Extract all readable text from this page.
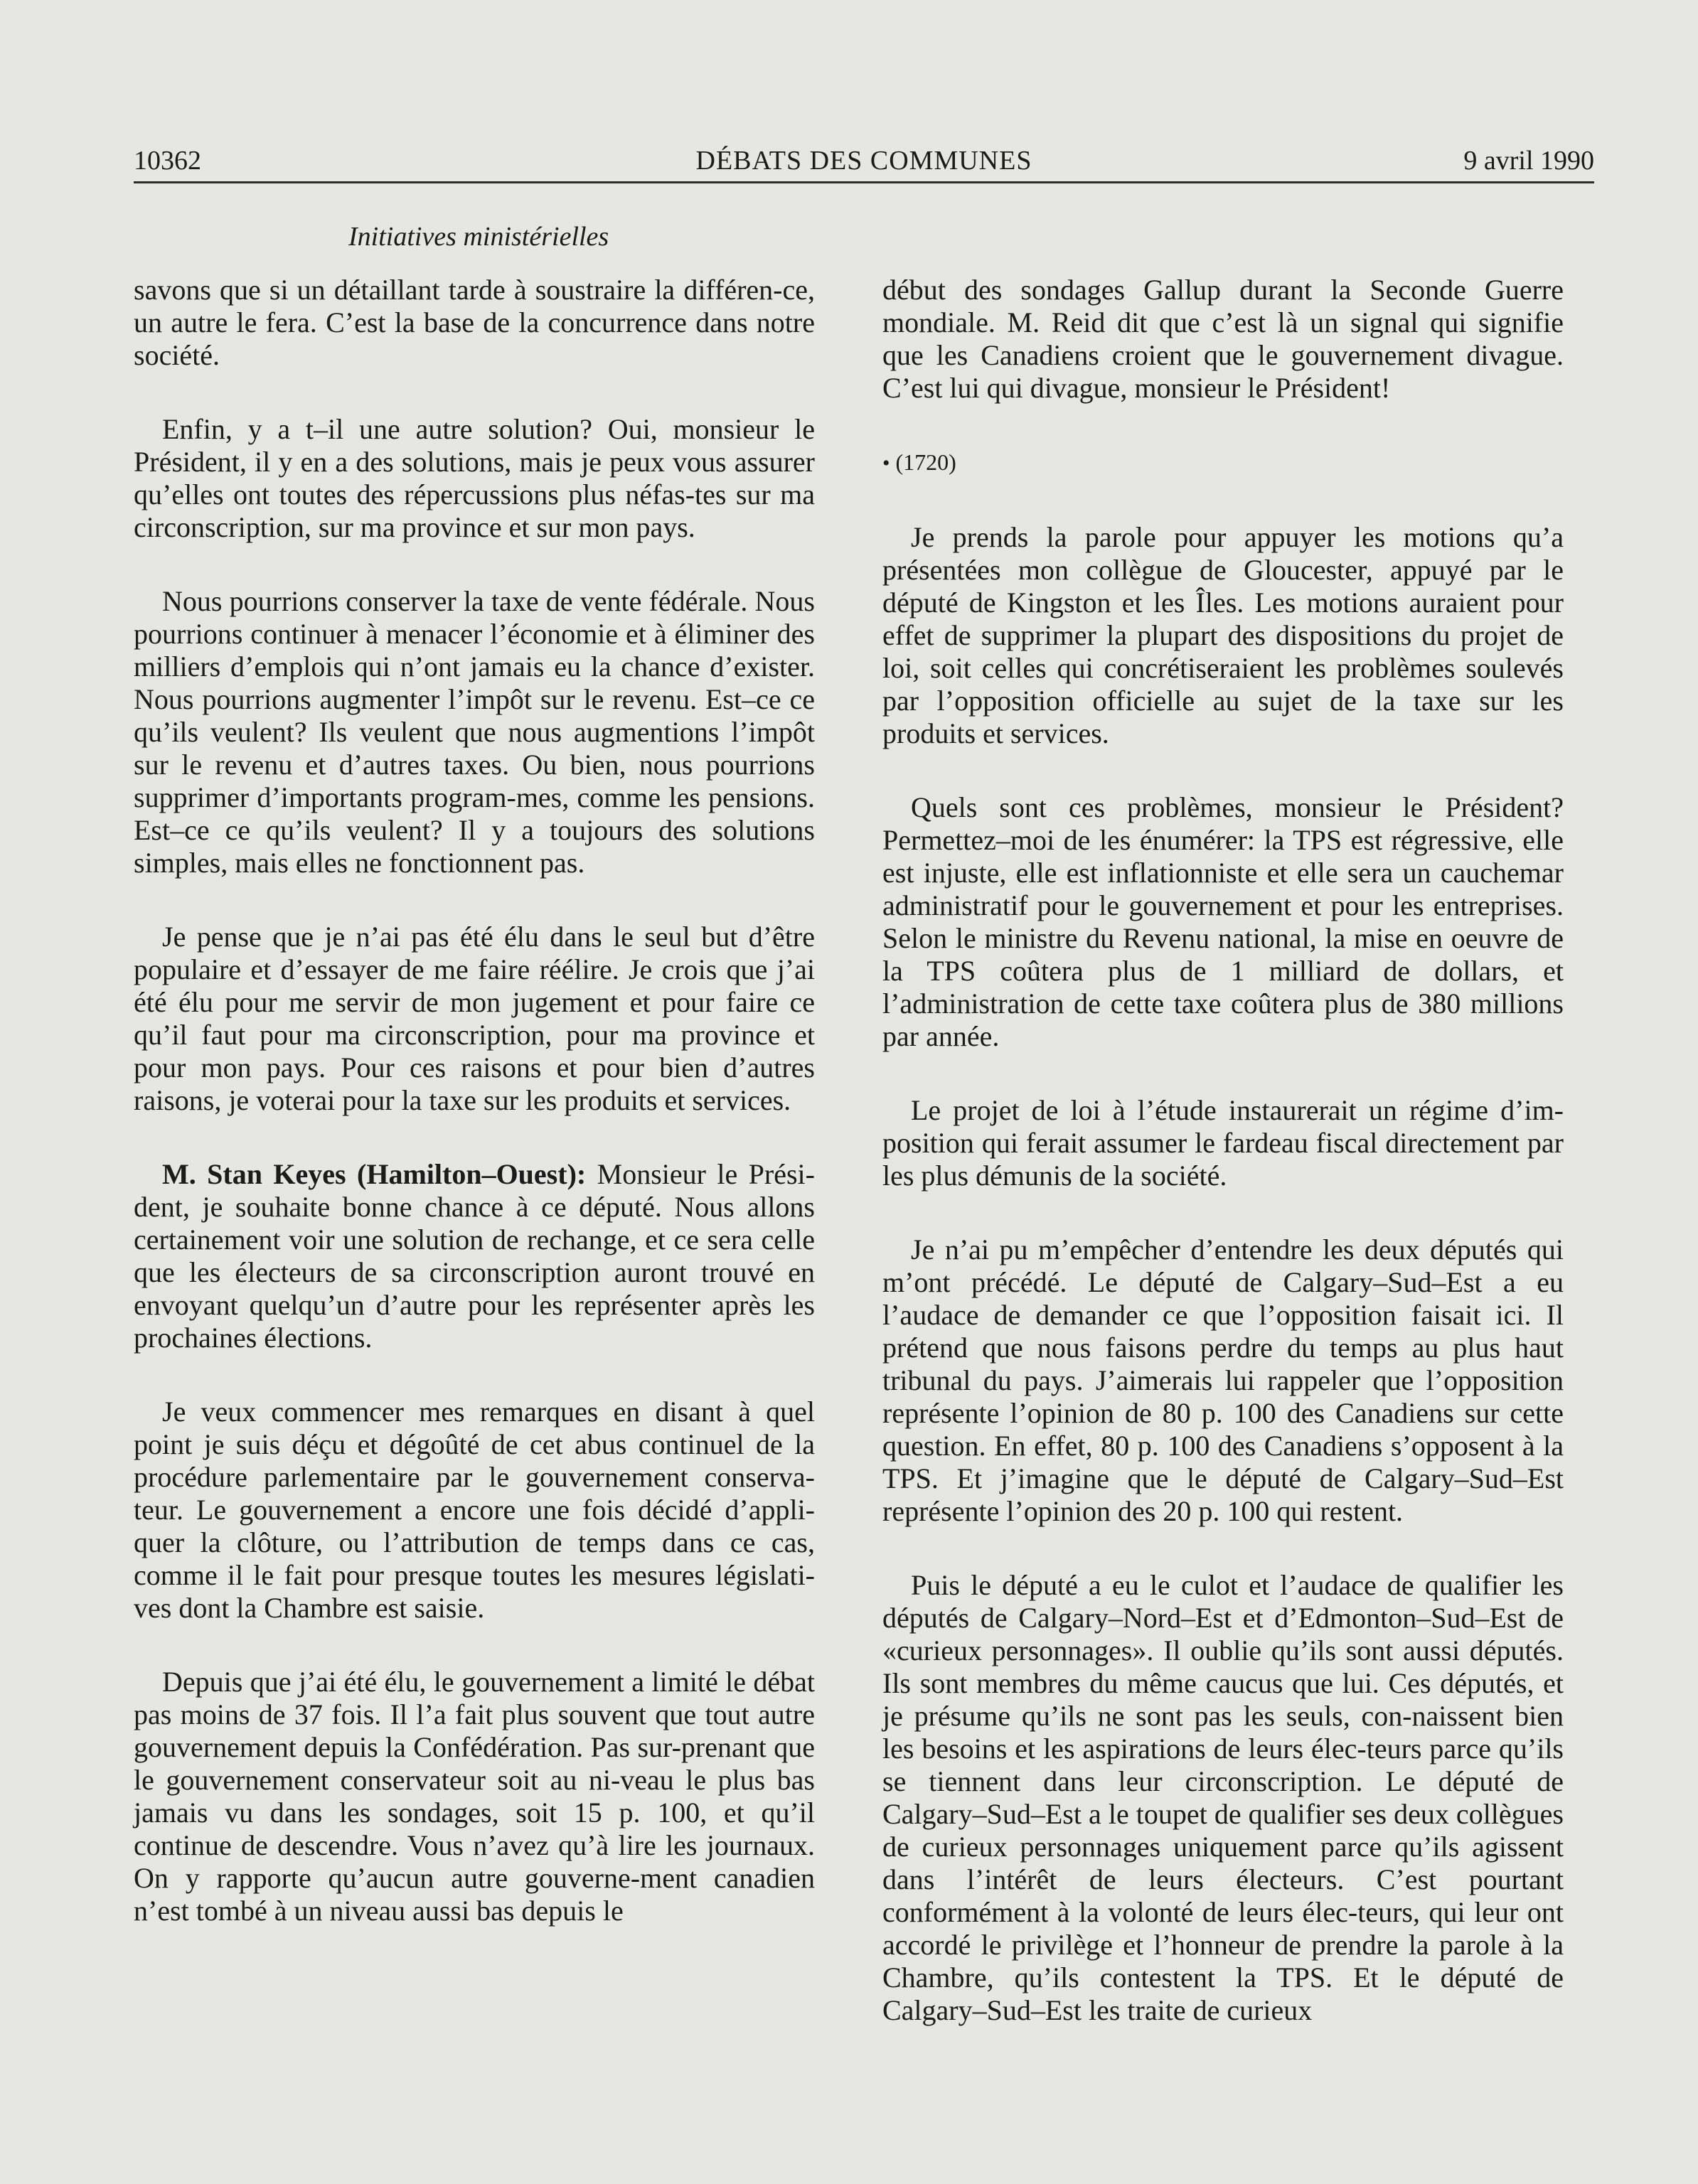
10362	DÉBATS DES COMMUNES	9 avril 1990
Initiatives ministérielles

savons que si un détaillant tarde à soustraire la différen-ce, un autre le fera. C’est la base de la concurrence dans notre société.

Enfin, y a t–il une autre solution? Oui, monsieur le Président, il y en a des solutions, mais je peux vous assurer qu’elles ont toutes des répercussions plus néfas-tes sur ma circonscription, sur ma province et sur mon pays.

Nous pourrions conserver la taxe de vente fédérale. Nous pourrions continuer à menacer l’économie et à éliminer des milliers d’emplois qui n’ont jamais eu la chance d’exister. Nous pourrions augmenter l’impôt sur le revenu. Est–ce ce qu’ils veulent? Ils veulent que nous augmentions l’impôt sur le revenu et d’autres taxes. Ou bien, nous pourrions supprimer d’importants program-mes, comme les pensions. Est–ce ce qu’ils veulent? Il y a toujours des solutions simples, mais elles ne fonctionnent pas.

Je pense que je n’ai pas été élu dans le seul but d’être populaire et d’essayer de me faire réélire. Je crois que j’ai été élu pour me servir de mon jugement et pour faire ce qu’il faut pour ma circonscription, pour ma province et pour mon pays. Pour ces raisons et pour bien d’autres raisons, je voterai pour la taxe sur les produits et services.

M. Stan Keyes (Hamilton–Ouest): Monsieur le Prési-dent, je souhaite bonne chance à ce député. Nous allons certainement voir une solution de rechange, et ce sera celle que les électeurs de sa circonscription auront trouvé en envoyant quelqu’un d’autre pour les représenter après les prochaines élections.

Je veux commencer mes remarques en disant à quel point je suis déçu et dégoûté de cet abus continuel de la procédure parlementaire par le gouvernement conserva-teur. Le gouvernement a encore une fois décidé d’appli-quer la clôture, ou l’attribution de temps dans ce cas, comme il le fait pour presque toutes les mesures législati-ves dont la Chambre est saisie.

Depuis que j’ai été élu, le gouvernement a limité le débat pas moins de 37 fois. Il l’a fait plus souvent que tout autre gouvernement depuis la Confédération. Pas sur-prenant que le gouvernement conservateur soit au ni-veau le plus bas jamais vu dans les sondages, soit 15 p. 100, et qu’il continue de descendre. Vous n’avez qu’à lire les journaux. On y rapporte qu’aucun autre gouverne-ment canadien n’est tombé à un niveau aussi bas depuis le

début des sondages Gallup durant la Seconde Guerre mondiale. M. Reid dit que c’est là un signal qui signifie que les Canadiens croient que le gouvernement divague. C’est lui qui divague, monsieur le Président!

• (1720)

Je prends la parole pour appuyer les motions qu’a présentées mon collègue de Gloucester, appuyé par le député de Kingston et les Îles. Les motions auraient pour effet de supprimer la plupart des dispositions du projet de loi, soit celles qui concrétiseraient les problèmes soulevés par l’opposition officielle au sujet de la taxe sur les produits et services.

Quels sont ces problèmes, monsieur le Président? Permettez–moi de les énumérer: la TPS est régressive, elle est injuste, elle est inflationniste et elle sera un cauchemar administratif pour le gouvernement et pour les entreprises. Selon le ministre du Revenu national, la mise en oeuvre de la TPS coûtera plus de 1 milliard de dollars, et l’administration de cette taxe coûtera plus de 380 millions par année.

Le projet de loi à l’étude instaurerait un régime d’im-position qui ferait assumer le fardeau fiscal directement par les plus démunis de la société.

Je n’ai pu m’empêcher d’entendre les deux députés qui m’ont précédé. Le député de Calgary–Sud–Est a eu l’audace de demander ce que l’opposition faisait ici. Il prétend que nous faisons perdre du temps au plus haut tribunal du pays. J’aimerais lui rappeler que l’opposition représente l’opinion de 80 p. 100 des Canadiens sur cette question. En effet, 80 p. 100 des Canadiens s’opposent à la TPS. Et j’imagine que le député de Calgary–Sud–Est représente l’opinion des 20 p. 100 qui restent.

Puis le député a eu le culot et l’audace de qualifier les députés de Calgary–Nord–Est et d’Edmonton–Sud–Est de «curieux personnages». Il oublie qu’ils sont aussi députés. Ils sont membres du même caucus que lui. Ces députés, et je présume qu’ils ne sont pas les seuls, con-naissent bien les besoins et les aspirations de leurs élec-teurs parce qu’ils se tiennent dans leur circonscription. Le député de Calgary–Sud–Est a le toupet de qualifier ses deux collègues de curieux personnages uniquement parce qu’ils agissent dans l’intérêt de leurs électeurs. C’est pourtant conformément à la volonté de leurs élec-teurs, qui leur ont accordé le privilège et l’honneur de prendre la parole à la Chambre, qu’ils contestent la TPS. Et le député de Calgary–Sud–Est les traite de curieux
